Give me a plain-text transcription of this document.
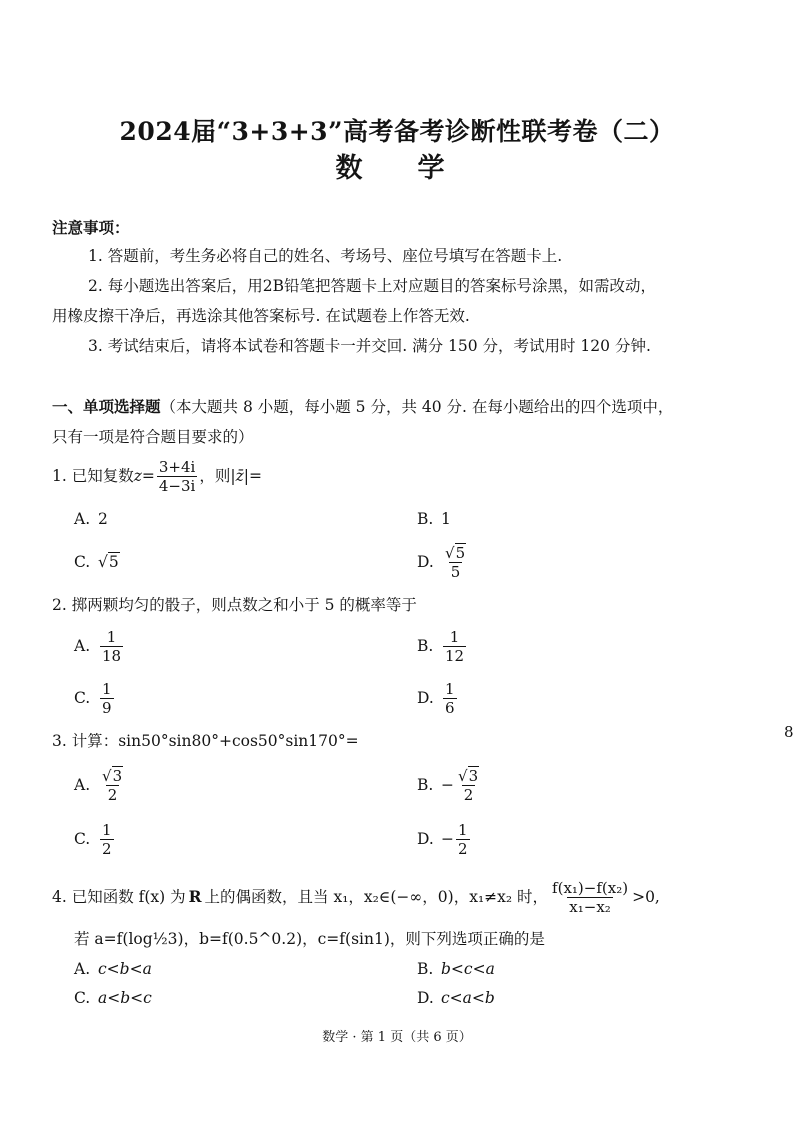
2024届“3+3+3”高考备考诊断性联考卷（二）
数　学
注意事项：
1. 答题前，考生务必将自己的姓名、考场号、座位号填写在答题卡上.
2. 每小题选出答案后，用2B铅笔把答题卡上对应题目的答案标号涂黑，如需改动，
用橡皮擦干净后，再选涂其他答案标号. 在试题卷上作答无效.
3. 考试结束后，请将本试卷和答题卡一并交回. 满分 150 分，考试用时 120 分钟.
一、单项选择题（本大题共 8 小题，每小题 5 分，共 40 分. 在每小题给出的四个选项中，
只有一项是符合题目要求的）
1. 已知复数 $z= \frac{3+4i}{4-3i}$ ，则 |z̄| =
A. 2	B. 1
C. √5	D. $\frac{√5}{5}$
2. 掷两颗均匀的骰子，则点数之和小于 5 的概率等于
A. $\frac{1}{18}$	B. $\frac{1}{12}$
C. $\frac{1}{9}$	D. $\frac{1}{6}$
3. 计算：sin50°sin80°+cos50°sin170°=
A. $\frac{√3}{2}$	B. − $\frac{√3}{2}$
C. $\frac{1}{2}$	D. − $\frac{1}{2}$
4. 已知函数 f(x) 为 R 上的偶函数，且当 x₁，x₂∈(−∞，0)，x₁≠x₂ 时， $\frac{\text{f(x₁)−f(x₂)}}{\text{x₁−x₂}} >0$,
若 a=f(log½3)，b=f(0.5^0.2)，c=f(sin1)，则下列选项正确的是
A. c<b<a	B. b<c<a
C. a<b<c	D. c<a<b
8
数学 · 第 1 页（共 6 页）
